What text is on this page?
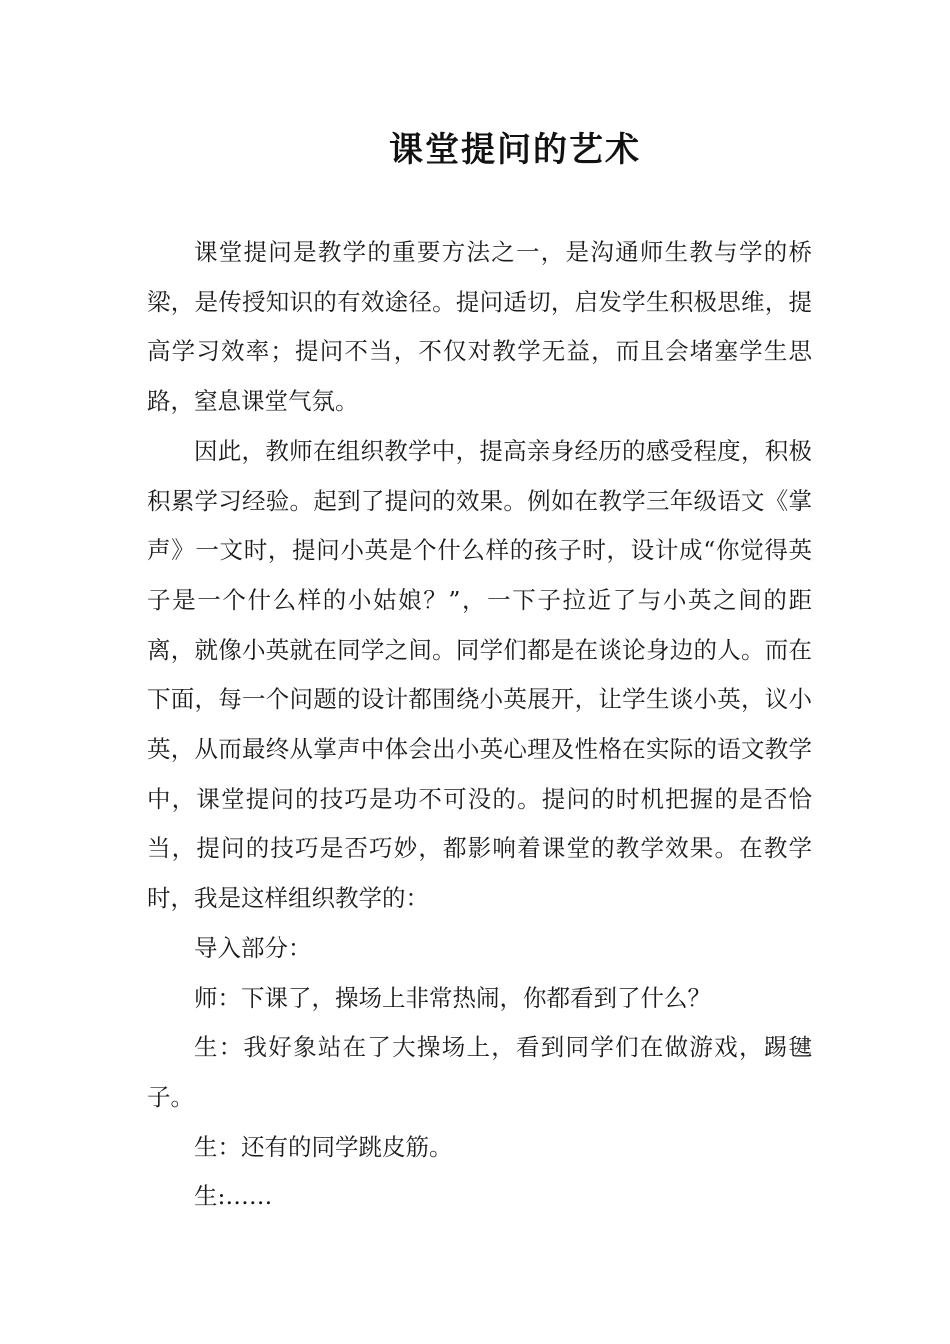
课堂提问的艺术

课堂提问是教学的重要方法之一，是沟通师生教与学的桥梁，是传授知识的有效途径。提问适切，启发学生积极思维，提高学习效率；提问不当，不仅对教学无益，而且会堵塞学生思路，窒息课堂气氛。

因此，教师在组织教学中，提高亲身经历的感受程度，积极积累学习经验。起到了提问的效果。例如在教学三年级语文《掌声》一文时，提问小英是个什么样的孩子时，设计成“你觉得英子是一个什么样的小姑娘？”，一下子拉近了与小英之间的距离，就像小英就在同学之间。同学们都是在谈论身边的人。而在下面，每一个问题的设计都围绕小英展开，让学生谈小英，议小英，从而最终从掌声中体会出小英心理及性格在实际的语文教学中，课堂提问的技巧是功不可没的。提问的时机把握的是否恰当，提问的技巧是否巧妙，都影响着课堂的教学效果。在教学时，我是这样组织教学的：

导入部分：

师：下课了，操场上非常热闹，你都看到了什么？

生：我好象站在了大操场上，看到同学们在做游戏，踢毽子。

生：还有的同学跳皮筋。

生:……
